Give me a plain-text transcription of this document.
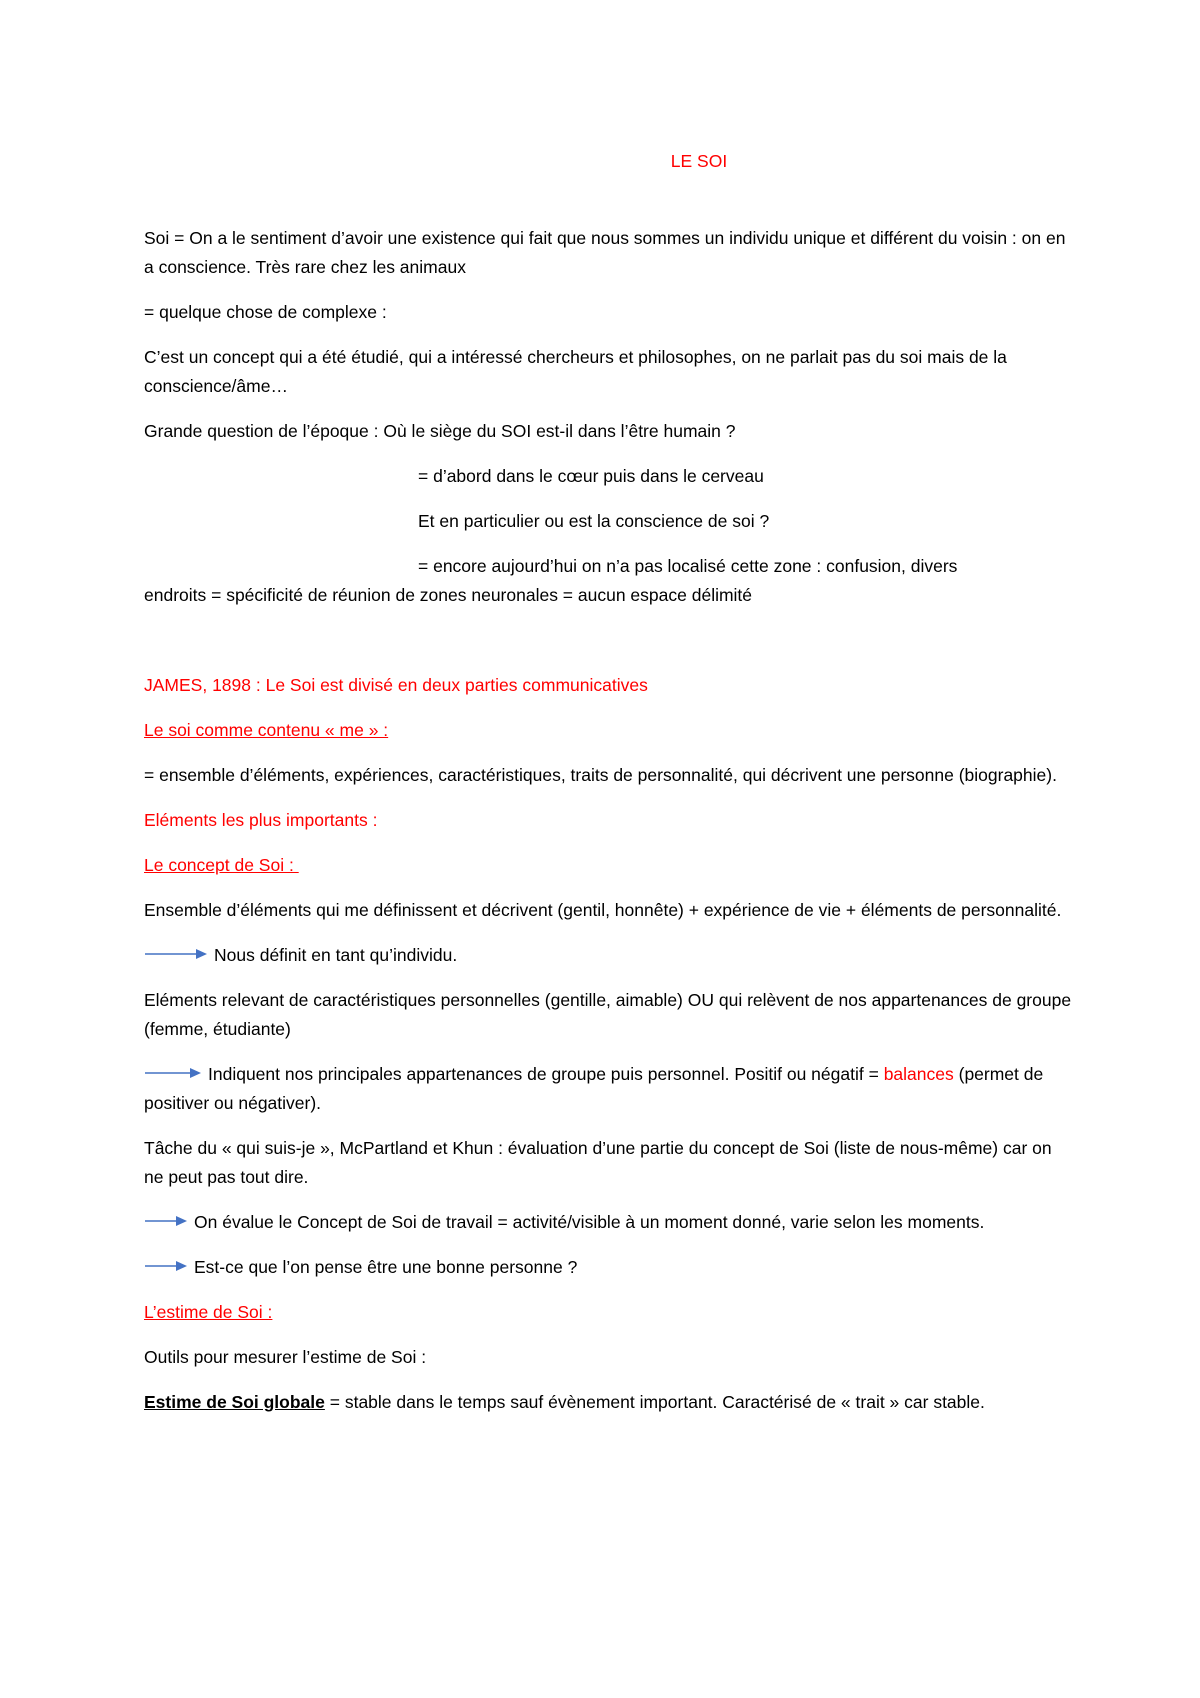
LE SOI

Soi = On a le sentiment d’avoir une existence qui fait que nous sommes un individu unique et différent du voisin : on en a conscience. Très rare chez les animaux

= quelque chose de complexe :

C’est un concept qui a été étudié, qui a intéressé chercheurs et philosophes, on ne parlait pas du soi mais de la conscience/âme…

Grande question de l’époque : Où le siège du SOI est-il dans l’être humain ?

= d’abord dans le cœur puis dans le cerveau

Et en particulier ou est la conscience de soi ?

= encore aujourd’hui on n’a pas localisé cette zone : confusion, divers

endroits = spécificité de réunion de zones neuronales = aucun espace délimité

JAMES, 1898 : Le Soi est divisé en deux parties communicatives

Le soi comme contenu « me » :

= ensemble d’éléments, expériences, caractéristiques, traits de personnalité, qui décrivent une personne (biographie).

Eléments les plus importants :

Le concept de Soi :

Ensemble d’éléments qui me définissent et décrivent (gentil, honnête) + expérience de vie + éléments de personnalité.

Nous définit en tant qu’individu.

Eléments relevant de caractéristiques personnelles (gentille, aimable) OU qui relèvent de nos appartenances de groupe (femme, étudiante)

Indiquent nos principales appartenances de groupe puis personnel. Positif ou négatif = balances (permet de positiver ou négativer).

Tâche du « qui suis-je », McPartland et Khun : évaluation d’une partie du concept de Soi (liste de nous-même) car on ne peut pas tout dire.

On évalue le Concept de Soi de travail = activité/visible à un moment donné, varie selon les moments.

Est-ce que l’on pense être une bonne personne ?

L’estime de Soi :

Outils pour mesurer l’estime de Soi :

Estime de Soi globale = stable dans le temps sauf évènement important. Caractérisé de « trait » car stable.
